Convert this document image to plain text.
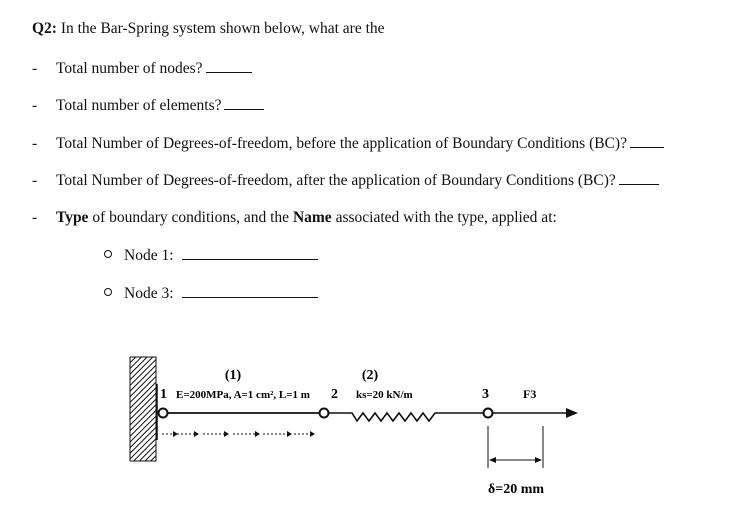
Q2: In the Bar-Spring system shown below, what are the
- Total number of nodes?
- Total number of elements?
- Total Number of Degrees-of-freedom, before the application of Boundary Conditions (BC)?
- Total Number of Degrees-of-freedom, after the application of Boundary Conditions (BC)?
- Type of boundary conditions, and the Name associated with the type, applied at:
Node 1:
Node 3:
(1)	(2)
1	2	3
E=200MPa, A=1 cm², L=1 m	ks=20 kN/m	F3
δ=20 mm
